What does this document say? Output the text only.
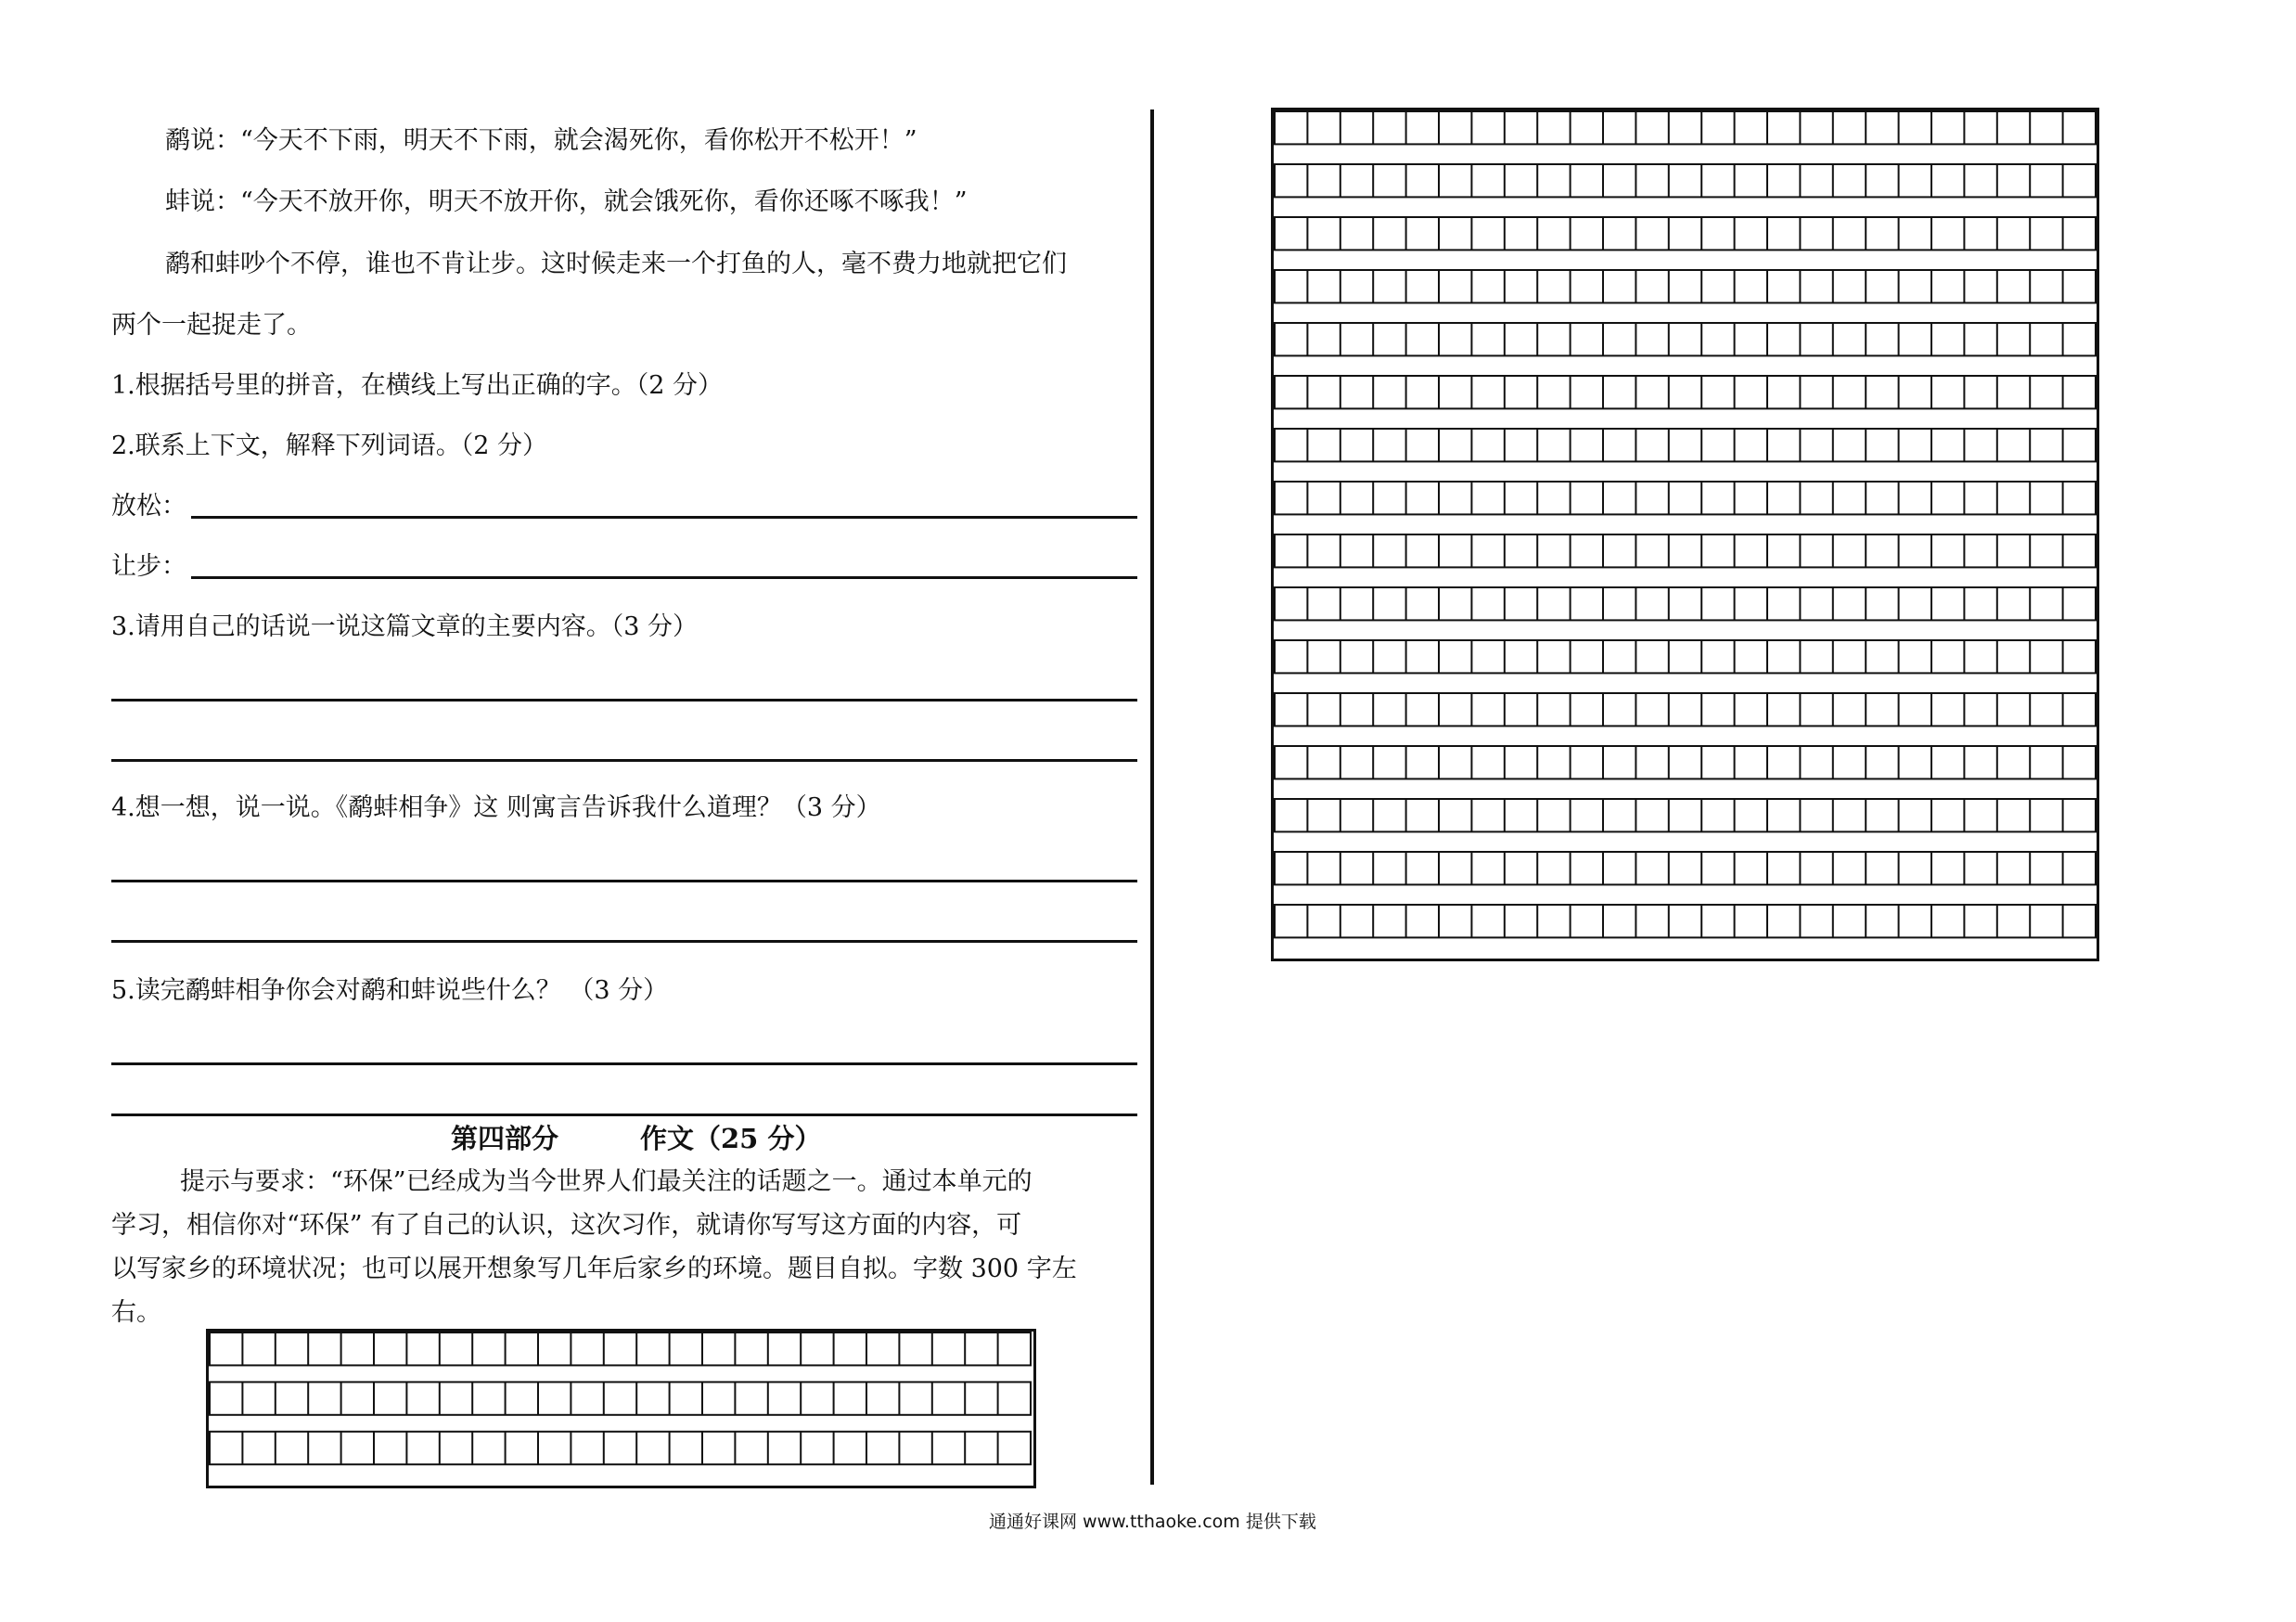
鹬说：“今天不下雨，明天不下雨，就会渴死你，看你松开不松开！”
蚌说：“今天不放开你，明天不放开你，就会饿死你，看你还啄不啄我！”
鹬和蚌吵个不停，谁也不肯让步。这时候走来一个打鱼的人，毫不费力地就把它们
两个一起捉走了。
1.根据括号里的拼音，在横线上写出正确的字。（2 分）
2.联系上下文，解释下列词语。（2 分）
放松：
让步：
3.请用自己的话说一说这篇文章的主要内容。（3 分）
4.想一想，说一说。《鹬蚌相争》这 则寓言告诉我什么道理？（3 分）
5.读完鹬蚌相争你会对鹬和蚌说些什么？ （3 分）
第四部分	作文（25 分）
提示与要求：“环保”已经成为当今世界人们最关注的话题之一。通过本单元的
学习，相信你对“环保” 有了自己的认识，这次习作，就请你写写这方面的内容，可
以写家乡的环境状况；也可以展开想象写几年后家乡的环境。题目自拟。字数 300 字左
右。
通通好课网 www.tthaoke.com 提供下载
